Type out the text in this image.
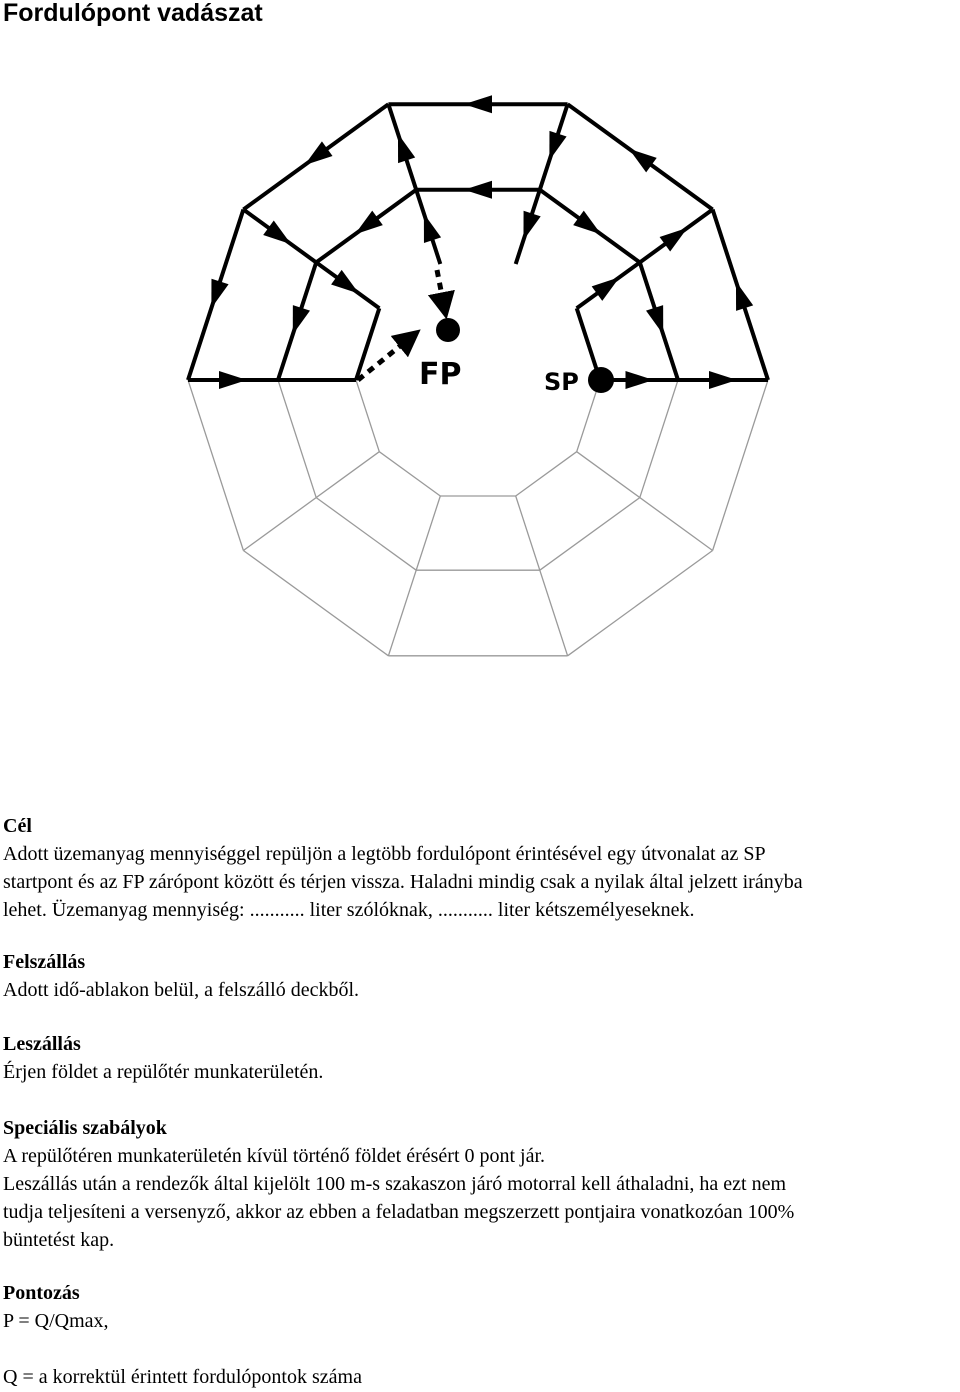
Fordulópont vadászat
FP	SP

Cél

Adott üzemanyag mennyiséggel repüljön a legtöbb fordulópont érintésével egy útvonalat az SP

startpont és az FP zárópont között és térjen vissza. Haladni mindig csak a nyilak által jelzett irányba

lehet. Üzemanyag mennyiség: ........... liter szólóknak, ........... liter kétszemélyeseknek.

Felszállás

Adott idő-ablakon belül, a felszálló deckből.

Leszállás

Érjen földet a repülőtér munkaterületén.

Speciális szabályok

A repülőtéren munkaterületén kívül történő földet érésért 0 pont jár.

Leszállás után a rendezők által kijelölt 100 m-s szakaszon járó motorral kell áthaladni, ha ezt nem

tudja teljesíteni a versenyző, akkor az ebben a feladatban megszerzett pontjaira vonatkozóan 100%

büntetést kap.

Pontozás

P = Q/Qmax,

Q = a korrektül érintett fordulópontok száma
